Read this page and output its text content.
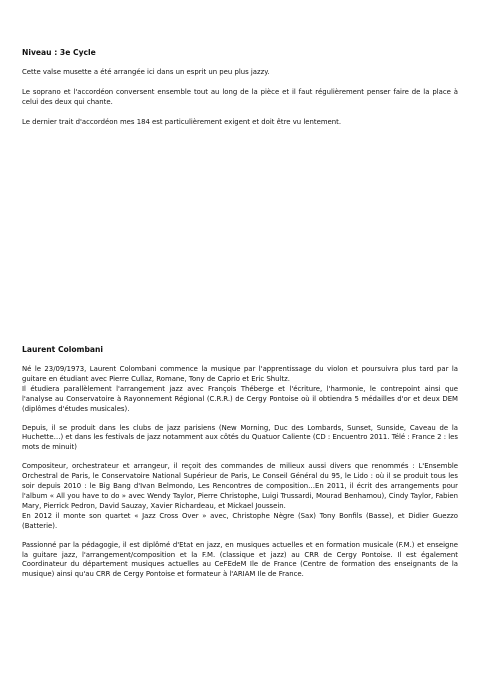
Niveau : 3e Cycle

Cette valse musette a été arrangée ici dans un esprit un peu plus jazzy.

Le soprano et l'accordéon conversent ensemble tout au long de la pièce et il faut régulièrement penser faire de la place à celui des deux qui chante.

Le dernier trait d'accordéon mes 184 est particulièrement exigent et doit être vu lentement.

Laurent Colombani

Né le 23/09/1973, Laurent Colombani commence la musique par l'apprentissage du violon et poursuivra plus tard par la guitare en étudiant avec Pierre Cullaz, Romane, Tony de Caprio et Eric Shultz.

Il étudiera parallèlement l'arrangement jazz avec François Théberge et l'écriture, l'harmonie, le contrepoint ainsi que l'analyse au Conservatoire à Rayonnement Régional (C.R.R.) de Cergy Pontoise où il obtiendra 5 médailles d'or et deux DEM (diplômes d'études musicales).

Depuis, il se produit dans les clubs de jazz parisiens (New Morning, Duc des Lombards, Sunset, Sunside, Caveau de la Huchette…) et dans les festivals de jazz notamment aux côtés du Quatuor Caliente (CD : Encuentro 2011. Télé : France 2 : les mots de minuit)

Compositeur, orchestrateur et arrangeur, il reçoit des commandes de milieux aussi divers que renommés : L'Ensemble Orchestral de Paris, le Conservatoire National Supérieur de Paris, Le Conseil Général du 95, le Lido : où il se produit tous les soir depuis 2010 : le Big Bang d'Ivan Belmondo, Les Rencontres de composition…En 2011, il écrit des arrangements pour l'album « All you have to do » avec Wendy Taylor, Pierre Christophe, Luigi Trussardi, Mourad Benhamou), Cindy Taylor, Fabien Mary, Pierrick Pedron, David Sauzay, Xavier Richardeau, et Mickael Joussein.

En 2012 il monte son quartet « Jazz Cross Over » avec, Christophe Nègre (Sax) Tony Bonfils (Basse), et Didier Guezzo (Batterie).

Passionné par la pédagogie, il est diplômé d'Etat en jazz, en musiques actuelles et en formation musicale (F.M.) et enseigne la guitare jazz, l'arrangement/composition et la F.M. (classique et jazz) au CRR de Cergy Pontoise. Il est également Coordinateur du département musiques actuelles au CeFEdeM Ile de France (Centre de formation des enseignants de la musique) ainsi qu'au CRR de Cergy Pontoise et formateur à l'ARIAM Ile de France.
